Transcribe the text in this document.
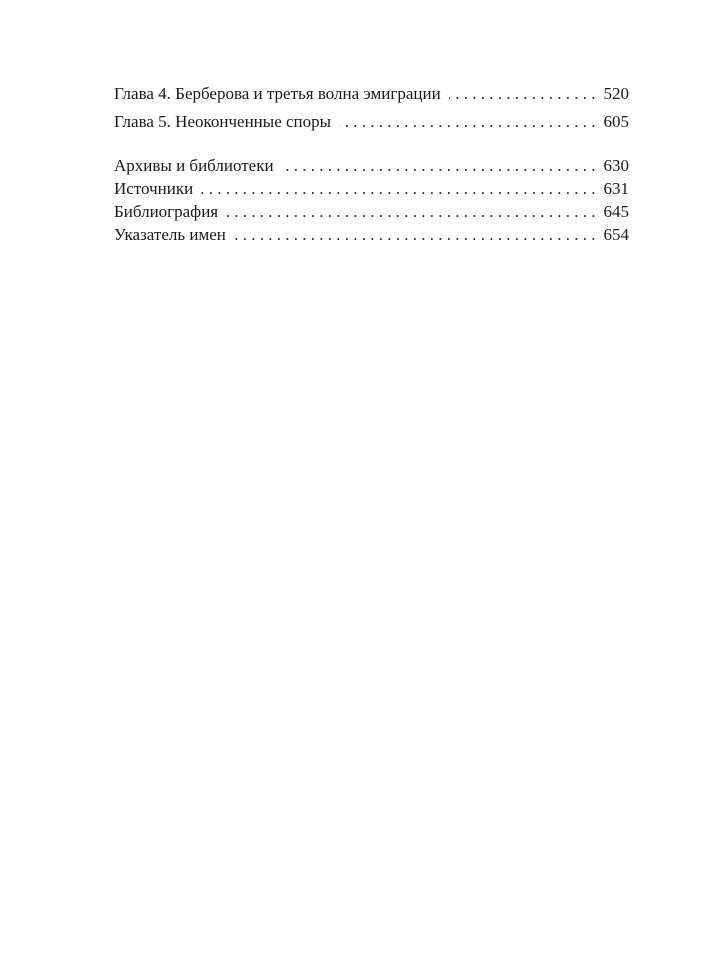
Глава 4. Берберова и третья волна эмиграции . . .	520
Глава 5. Неоконченные споры . . .	605
Архивы и библиотеки . . .	630
Источники . . .	631
Библиография . . .	645
Указатель имен . . .	654
